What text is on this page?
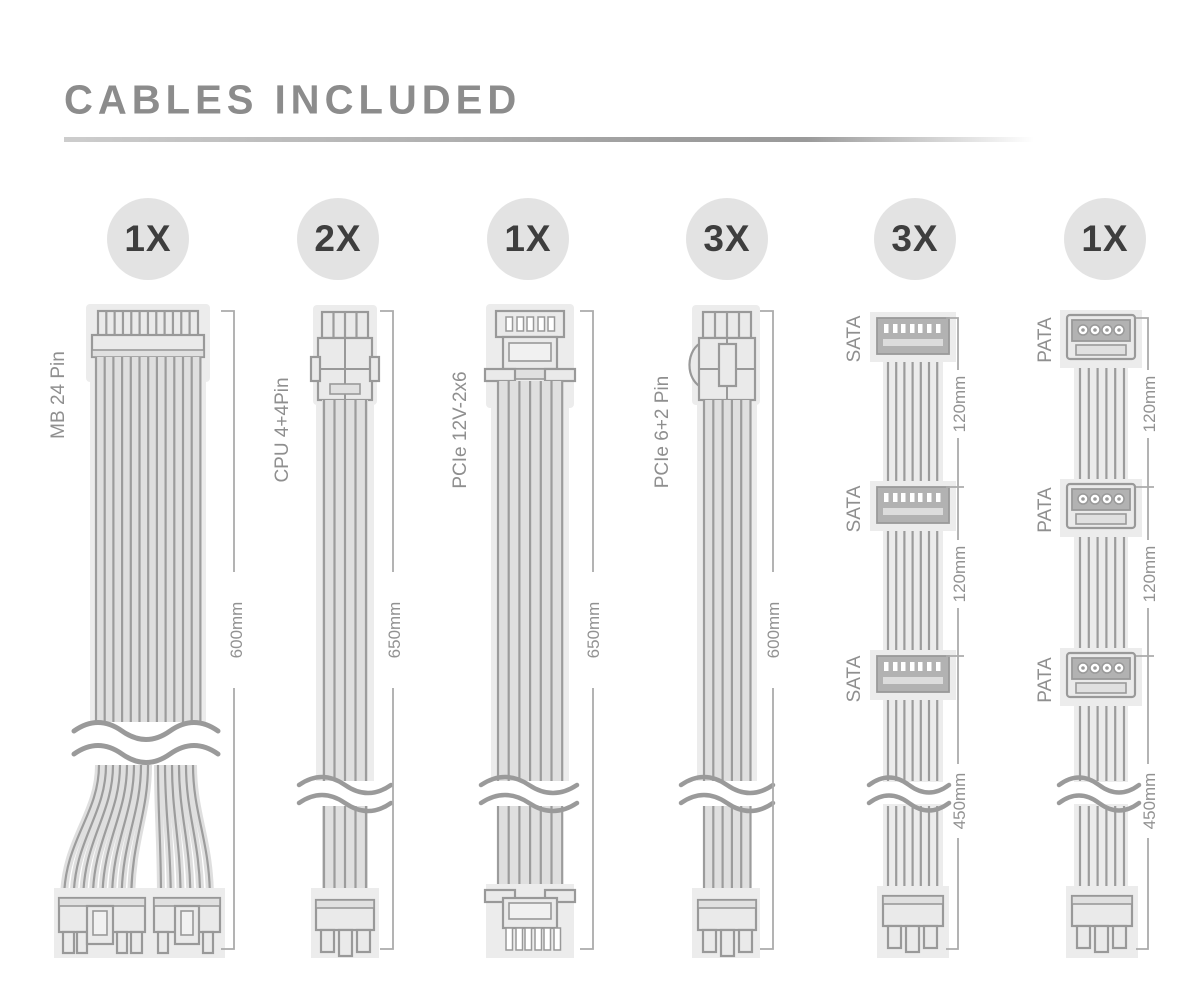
CABLES INCLUDED
1X	2X	1X	3X	3X	1X
MB 24 Pin	CPU 4+4Pin	PCIe 12V-2x6	PCIe 6+2 Pin
SATA
SATA
SATA
PATA
PATA
PATA
600mm	650mm	650mm	600mm
120mm
120mm
450mm
120mm
120mm
450mm
